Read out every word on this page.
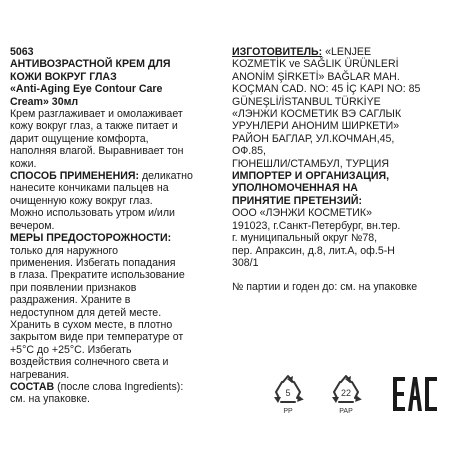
5063

АНТИВОЗРАСТНОЙ КРЕМ ДЛЯ

КОЖИ ВОКРУГ ГЛАЗ

«Anti-Aging Eye Contour Care

Cream» 30мл

Крем разглаживает и омолаживает

кожу вокруг глаз, а также питает и

дарит ощущение комфорта,

наполняя влагой. Выравнивает тон

кожи.

СПОСОБ ПРИМЕНЕНИЯ: деликатно

нанесите кончиками пальцев на

очищенную кожу вокруг глаз.

Можно использовать утром и/или

вечером.

МЕРЫ ПРЕДОСТОРОЖНОСТИ:

только для наружного

применения. Избегать попадания

в глаза. Прекратите использование

при появлении признаков

раздражения. Храните в

недоступном для детей месте.

Хранить в сухом месте, в плотно

закрытом виде при температуре от

+5°С до +25°С. Избегать

воздействия солнечного света и

нагревания.

СОСТАВ (после слова Ingredients):

см. на упаковке.

ИЗГОТОВИТЕЛЬ: «LENJEE

KOZMETİK ve SAĞLIK ÜRÜNLERİ

ANONİM ŞİRKETİ» BAĞLAR MAH.

KOÇMAN CAD. NO: 45 İÇ KAPI NO: 85

GÜNEŞLİ/İSTANBUL TÜRKİYE

«ЛЭНЖИ КОСМЕТИК ВЭ САГЛЫК

УРУНЛЕРИ АНОНИМ ШИРКЕТИ»

РАЙОН БАГЛАР, УЛ.КОЧМАН,45,

ОФ.85,

ГЮНЕШЛИ/СТАМБУЛ, ТУРЦИЯ

ИМПОРТЕР И ОРГАНИЗАЦИЯ,

УПОЛНОМОЧЕННАЯ НА

ПРИНЯТИЕ ПРЕТЕНЗИЙ:

ООО «ЛЭНЖИ КОСМЕТИК»

191023, г.Санкт-Петербург, вн.тер.

г. муниципальный округ №78,

пер. Апраксин, д.8, лит.А, оф.5-Н

308/1

№ партии и годен до: см. на упаковке

5
PP
22
PAP
